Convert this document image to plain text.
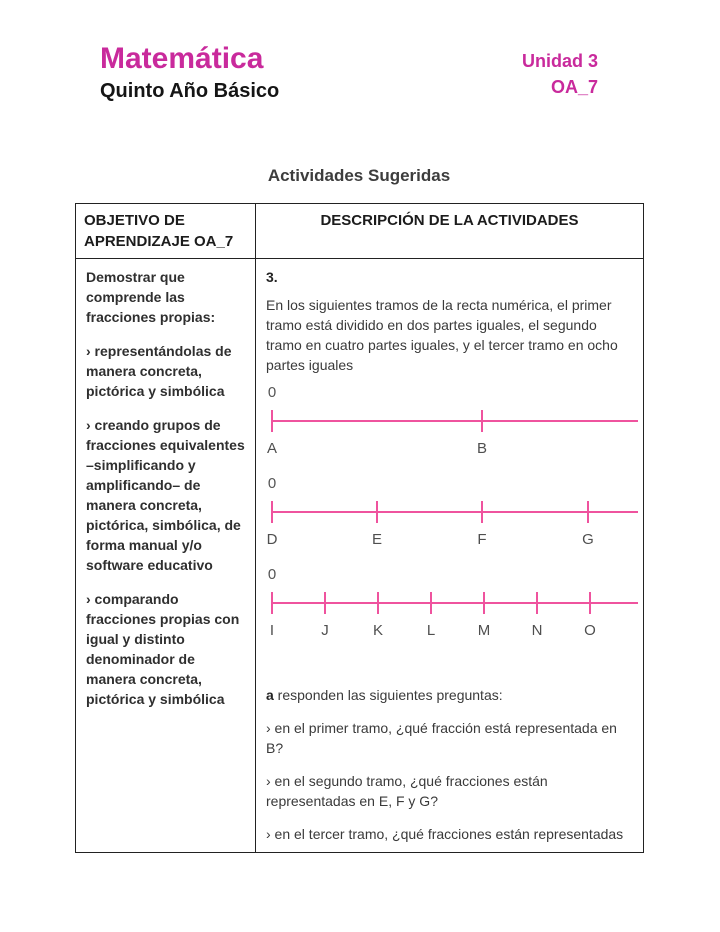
Matemática
Quinto Año Básico
Unidad 3
OA_7
Actividades Sugeridas
OBJETIVO DE APRENDIZAJE OA_7	DESCRIPCIÓN DE LA ACTIVIDADES

Demostrar que comprende las fracciones propias:

› representándolas de manera concreta, pictórica y simbólica

› creando grupos de fracciones equivalentes –simplificando y amplificando– de manera concreta, pictórica, simbólica, de forma manual y/o software educativo

› comparando fracciones propias con igual y distinto denominador de manera concreta, pictórica y simbólica

3.

En los siguientes tramos de la recta numérica, el primer tramo está dividido en dos partes iguales, el segundo tramo en cuatro partes iguales, y el tercer tramo en ocho partes iguales

0
A	B
0
D	E	F	G
0
I	J	K	L	M	N	O

a responden las siguientes preguntas:

› en el primer tramo, ¿qué fracción está representada en B?

› en el segundo tramo, ¿qué fracciones están representadas en E, F y G?

› en el tercer tramo, ¿qué fracciones están representadas
